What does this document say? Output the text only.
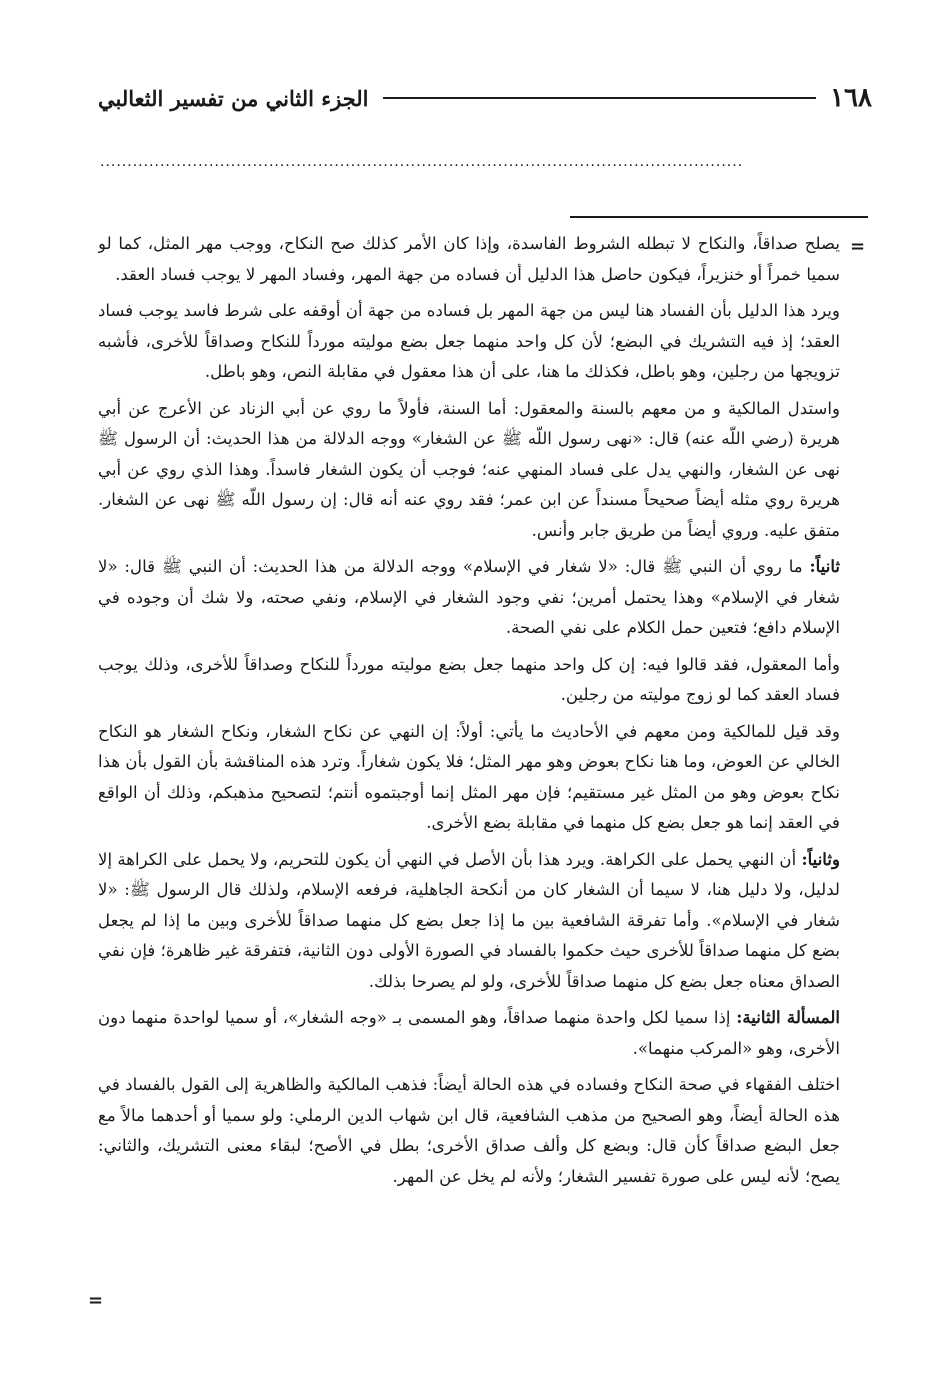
١٦٨
الجزء الثاني من تفسير الثعالبي
......................................................................................................................
=

يصلح صداقاً، والنكاح لا تبطله الشروط الفاسدة، وإذا كان الأمر كذلك صح النكاح، ووجب مهر المثل، كما لو سميا خمراً أو خنزيراً، فيكون حاصل هذا الدليل أن فساده من جهة المهر، وفساد المهر لا يوجب فساد العقد.

ويرد هذا الدليل بأن الفساد هنا ليس من جهة المهر بل فساده من جهة أن أوقفه على شرط فاسد يوجب فساد العقد؛ إذ فيه التشريك في البضع؛ لأن كل واحد منهما جعل بضع موليته مورداً للنكاح وصداقاً للأخرى، فأشبه تزويجها من رجلين، وهو باطل، فكذلك ما هنا، على أن هذا معقول في مقابلة النص، وهو باطل.

واستدل المالكية و من معهم بالسنة والمعقول: أما السنة، فأولاً ما روي عن أبي الزناد عن الأعرج عن أبي هريرة (رضي اللّه عنه) قال: «نهى رسول اللّه ﷺ عن الشغار» ووجه الدلالة من هذا الحديث: أن الرسول ﷺ نهى عن الشغار، والنهي يدل على فساد المنهي عنه؛ فوجب أن يكون الشغار فاسداً. وهذا الذي روي عن أبي هريرة روي مثله أيضاً صحيحاً مسنداً عن ابن عمر؛ فقد روي عنه أنه قال: إن رسول اللّه ﷺ نهى عن الشغار. متفق عليه. وروي أيضاً من طريق جابر وأنس.

ثانياً: ما روي أن النبي ﷺ قال: «لا شغار في الإسلام» ووجه الدلالة من هذا الحديث: أن النبي ﷺ قال: «لا شغار في الإسلام» وهذا يحتمل أمرين؛ نفي وجود الشغار في الإسلام، ونفي صحته، ولا شك أن وجوده في الإسلام دافع؛ فتعين حمل الكلام على نفي الصحة.

وأما المعقول، فقد قالوا فيه: إن كل واحد منهما جعل بضع موليته مورداً للنكاح وصداقاً للأخرى، وذلك يوجب فساد العقد كما لو زوج موليته من رجلين.

وقد قيل للمالكية ومن معهم في الأحاديث ما يأتي: أولاً: إن النهي عن نكاح الشغار، ونكاح الشغار هو النكاح الخالي عن العوض، وما هنا نكاح بعوض وهو مهر المثل؛ فلا يكون شغاراً. وترد هذه المناقشة بأن القول بأن هذا نكاح بعوض وهو من المثل غير مستقيم؛ فإن مهر المثل إنما أوجبتموه أنتم؛ لتصحيح مذهبكم، وذلك أن الواقع في العقد إنما هو جعل بضع كل منهما في مقابلة بضع الأخرى.

وثانياً: أن النهي يحمل على الكراهة. ويرد هذا بأن الأصل في النهي أن يكون للتحريم، ولا يحمل على الكراهة إلا لدليل، ولا دليل هنا، لا سيما أن الشغار كان من أنكحة الجاهلية، فرفعه الإسلام، ولذلك قال الرسول ﷺ: «لا شغار في الإسلام». وأما تفرقة الشافعية بين ما إذا جعل بضع كل منهما صداقاً للأخرى وبين ما إذا لم يجعل بضع كل منهما صداقاً للأخرى حيث حكموا بالفساد في الصورة الأولى دون الثانية، فتفرقة غير ظاهرة؛ فإن نفي الصداق معناه جعل بضع كل منهما صداقاً للأخرى، ولو لم يصرحا بذلك.

المسألة الثانية: إذا سميا لكل واحدة منهما صداقاً، وهو المسمى بـ «وجه الشغار»، أو سميا لواحدة منهما دون الأخرى، وهو «المركب منهما».

اختلف الفقهاء في صحة النكاح وفساده في هذه الحالة أيضاً: فذهب المالكية والظاهرية إلى القول بالفساد في هذه الحالة أيضاً، وهو الصحيح من مذهب الشافعية، قال ابن شهاب الدين الرملي: ولو سميا أو أحدهما مالاً مع جعل البضع صداقاً كأن قال: وبضع كل وألف صداق الأخرى؛ بطل في الأصح؛ لبقاء معنى التشريك، والثاني: يصح؛ لأنه ليس على صورة تفسير الشغار؛ ولأنه لم يخل عن المهر.

=
